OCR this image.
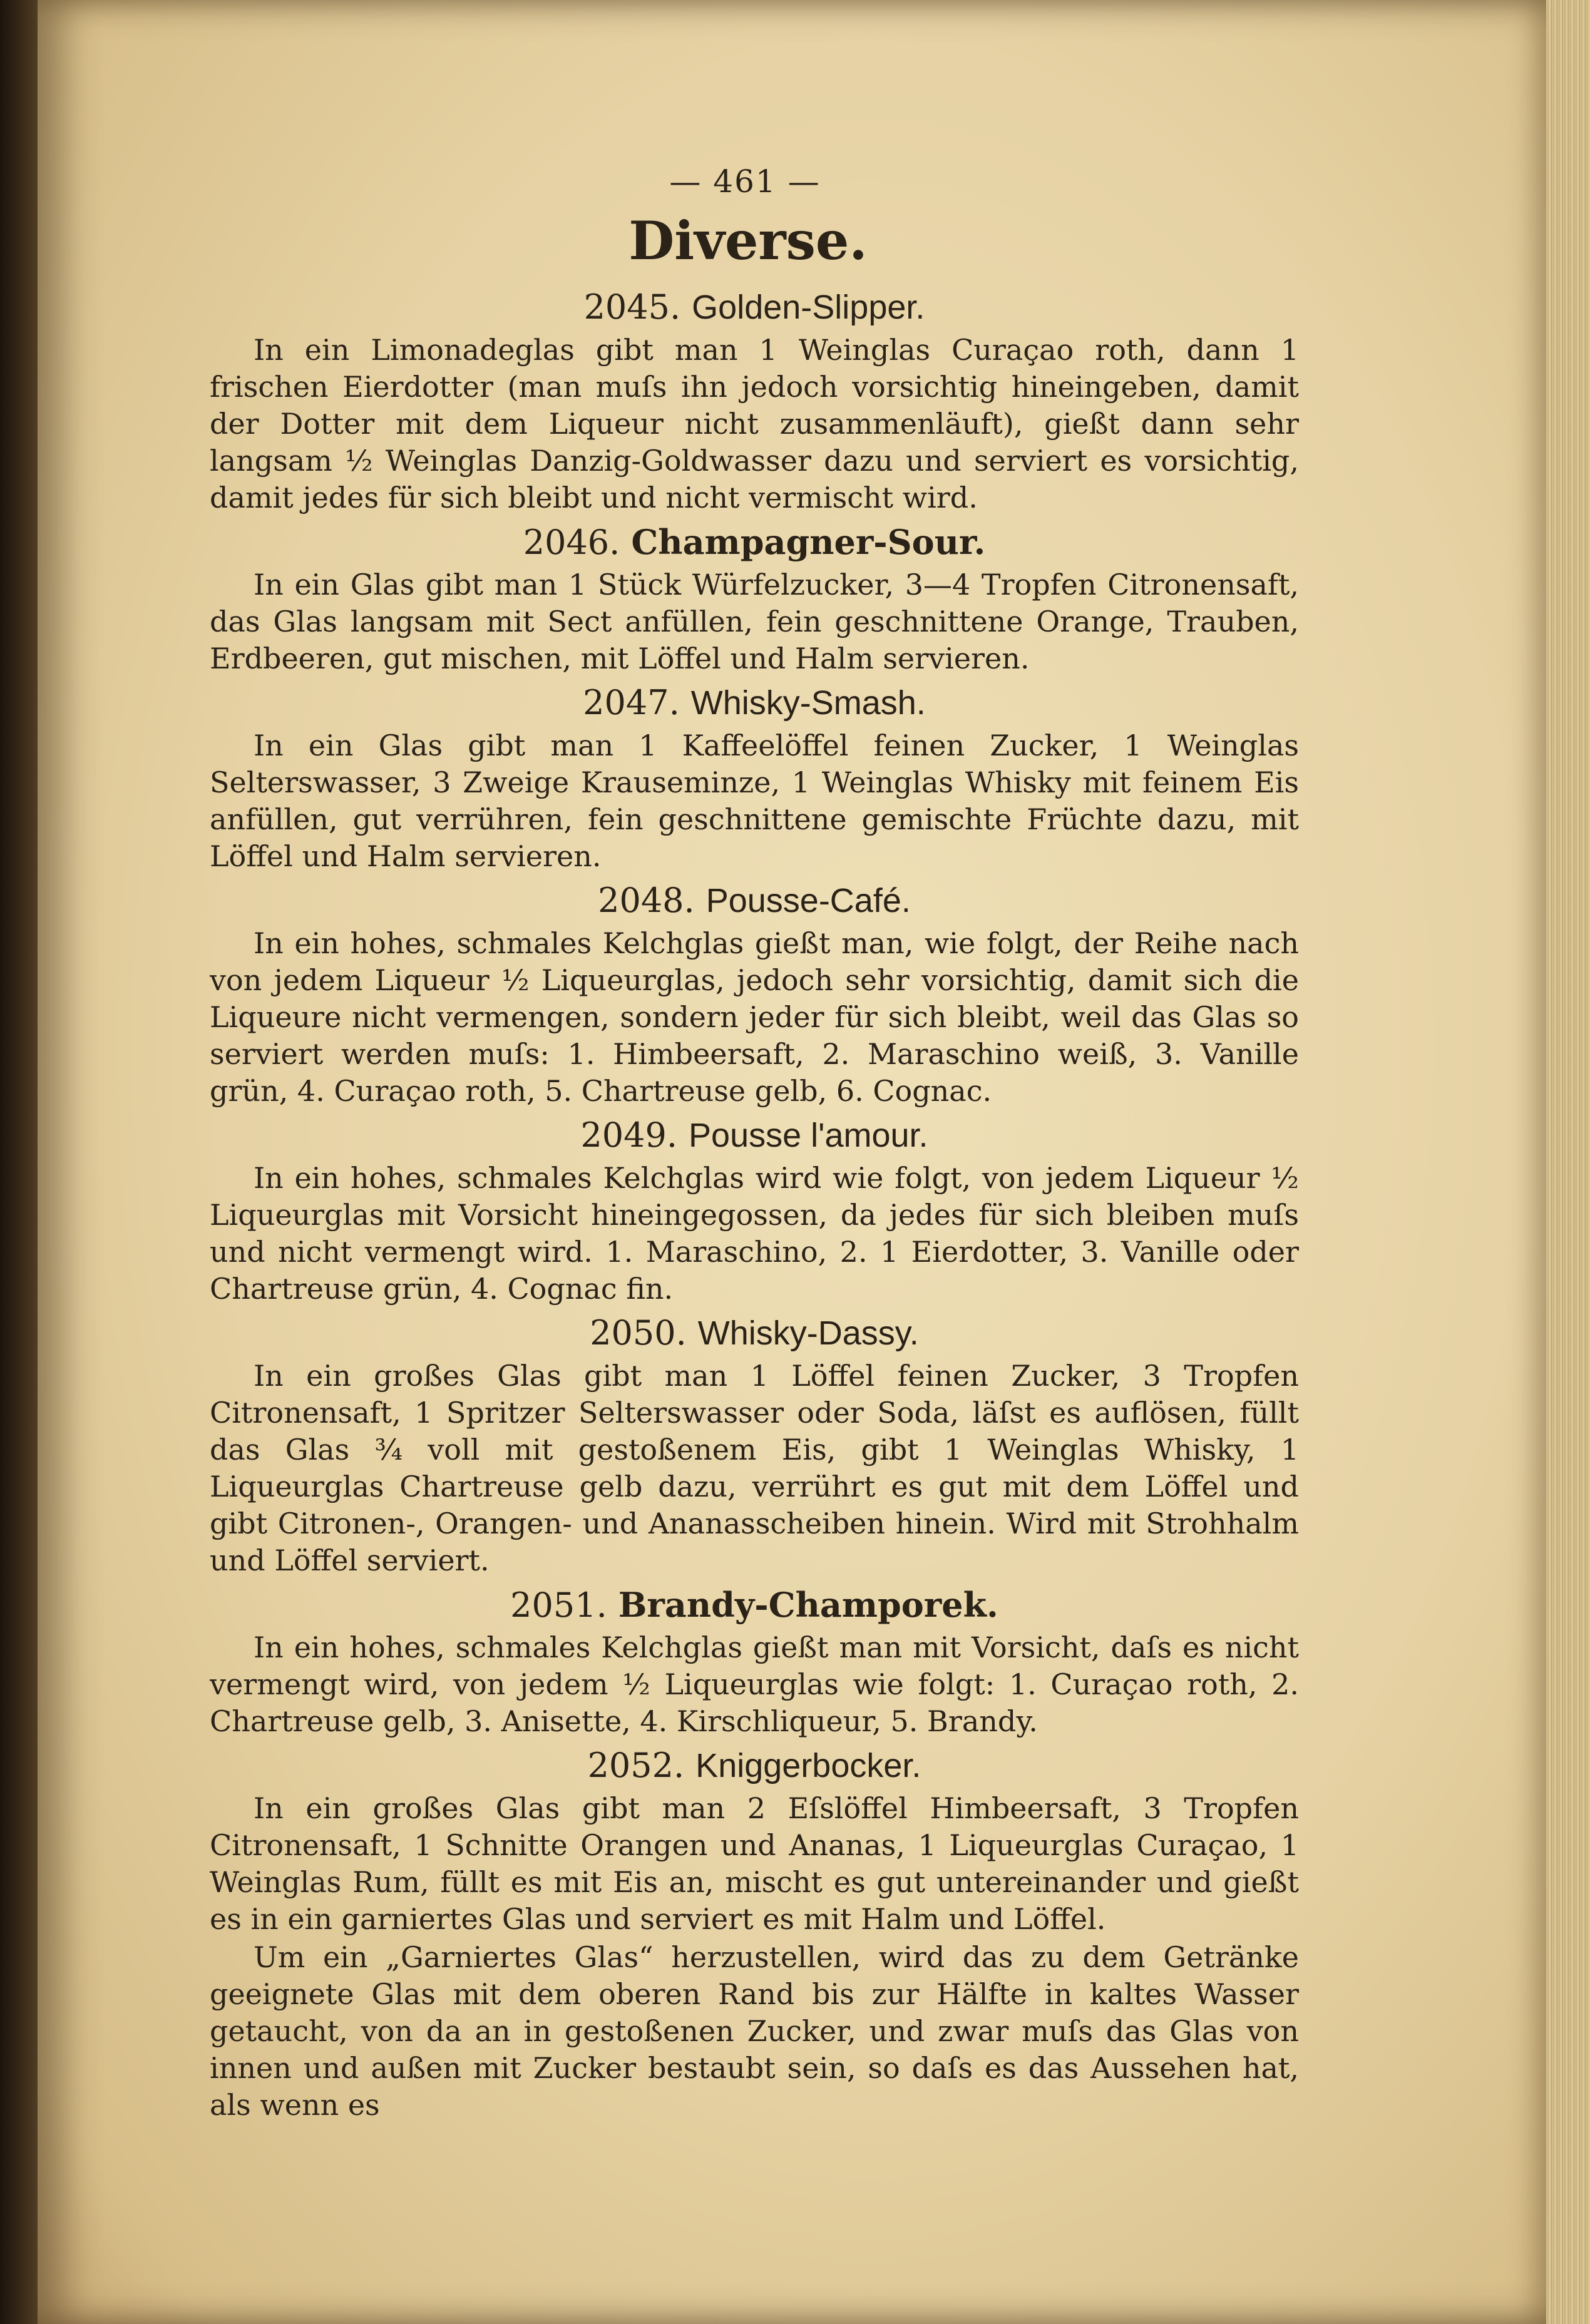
— 461 —
Diverse.
2045. Golden-Slipper.

In ein Limonadeglas gibt man 1 Weinglas Curaçao roth, dann 1 frischen Eierdotter (man muſs ihn jedoch vorsichtig hineingeben, damit der Dotter mit dem Liqueur nicht zusammenläuft), gießt dann sehr langsam ½ Weinglas Danzig-Goldwasser dazu und serviert es vorsichtig, damit jedes für sich bleibt und nicht vermischt wird.

2046. Champagner-Sour.

In ein Glas gibt man 1 Stück Würfelzucker, 3—4 Tropfen Citronensaft, das Glas langsam mit Sect anfüllen, fein geschnittene Orange, Trauben, Erdbeeren, gut mischen, mit Löffel und Halm servieren.

2047. Whisky-Smash.

In ein Glas gibt man 1 Kaffeelöffel feinen Zucker, 1 Weinglas Selterswasser, 3 Zweige Krauseminze, 1 Weinglas Whisky mit feinem Eis anfüllen, gut verrühren, fein geschnittene gemischte Früchte dazu, mit Löffel und Halm servieren.

2048. Pousse-Café.

In ein hohes, schmales Kelchglas gießt man, wie folgt, der Reihe nach von jedem Liqueur ½ Liqueurglas, jedoch sehr vorsichtig, damit sich die Liqueure nicht vermengen, sondern jeder für sich bleibt, weil das Glas so serviert werden muſs: 1. Himbeersaft, 2. Maraschino weiß, 3. Vanille grün, 4. Curaçao roth, 5. Chartreuse gelb, 6. Cognac.

2049. Pousse l'amour.

In ein hohes, schmales Kelchglas wird wie folgt, von jedem Liqueur ½ Liqueurglas mit Vorsicht hineingegossen, da jedes für sich bleiben muſs und nicht vermengt wird. 1. Maraschino, 2. 1 Eierdotter, 3. Vanille oder Chartreuse grün, 4. Cognac fin.

2050. Whisky-Dassy.

In ein großes Glas gibt man 1 Löffel feinen Zucker, 3 Tropfen Citronensaft, 1 Spritzer Selterswasser oder Soda, läſst es auflösen, füllt das Glas ¾ voll mit gestoßenem Eis, gibt 1 Weinglas Whisky, 1 Liqueurglas Chartreuse gelb dazu, verrührt es gut mit dem Löffel und gibt Citronen-, Orangen- und Ananasscheiben hinein. Wird mit Strohhalm und Löffel serviert.

2051. Brandy-Champorek.

In ein hohes, schmales Kelchglas gießt man mit Vorsicht, daſs es nicht vermengt wird, von jedem ½ Liqueurglas wie folgt: 1. Curaçao roth, 2. Chartreuse gelb, 3. Anisette, 4. Kirschliqueur, 5. Brandy.

2052. Kniggerbocker.

In ein großes Glas gibt man 2 Eſslöffel Himbeersaft, 3 Tropfen Citronensaft, 1 Schnitte Orangen und Ananas, 1 Liqueurglas Curaçao, 1 Weinglas Rum, füllt es mit Eis an, mischt es gut untereinander und gießt es in ein garniertes Glas und serviert es mit Halm und Löffel.

Um ein „Garniertes Glas“ herzustellen, wird das zu dem Getränke geeignete Glas mit dem oberen Rand bis zur Hälfte in kaltes Wasser getaucht, von da an in gestoßenen Zucker, und zwar muſs das Glas von innen und außen mit Zucker bestaubt sein, so daſs es das Aussehen hat, als wenn es
